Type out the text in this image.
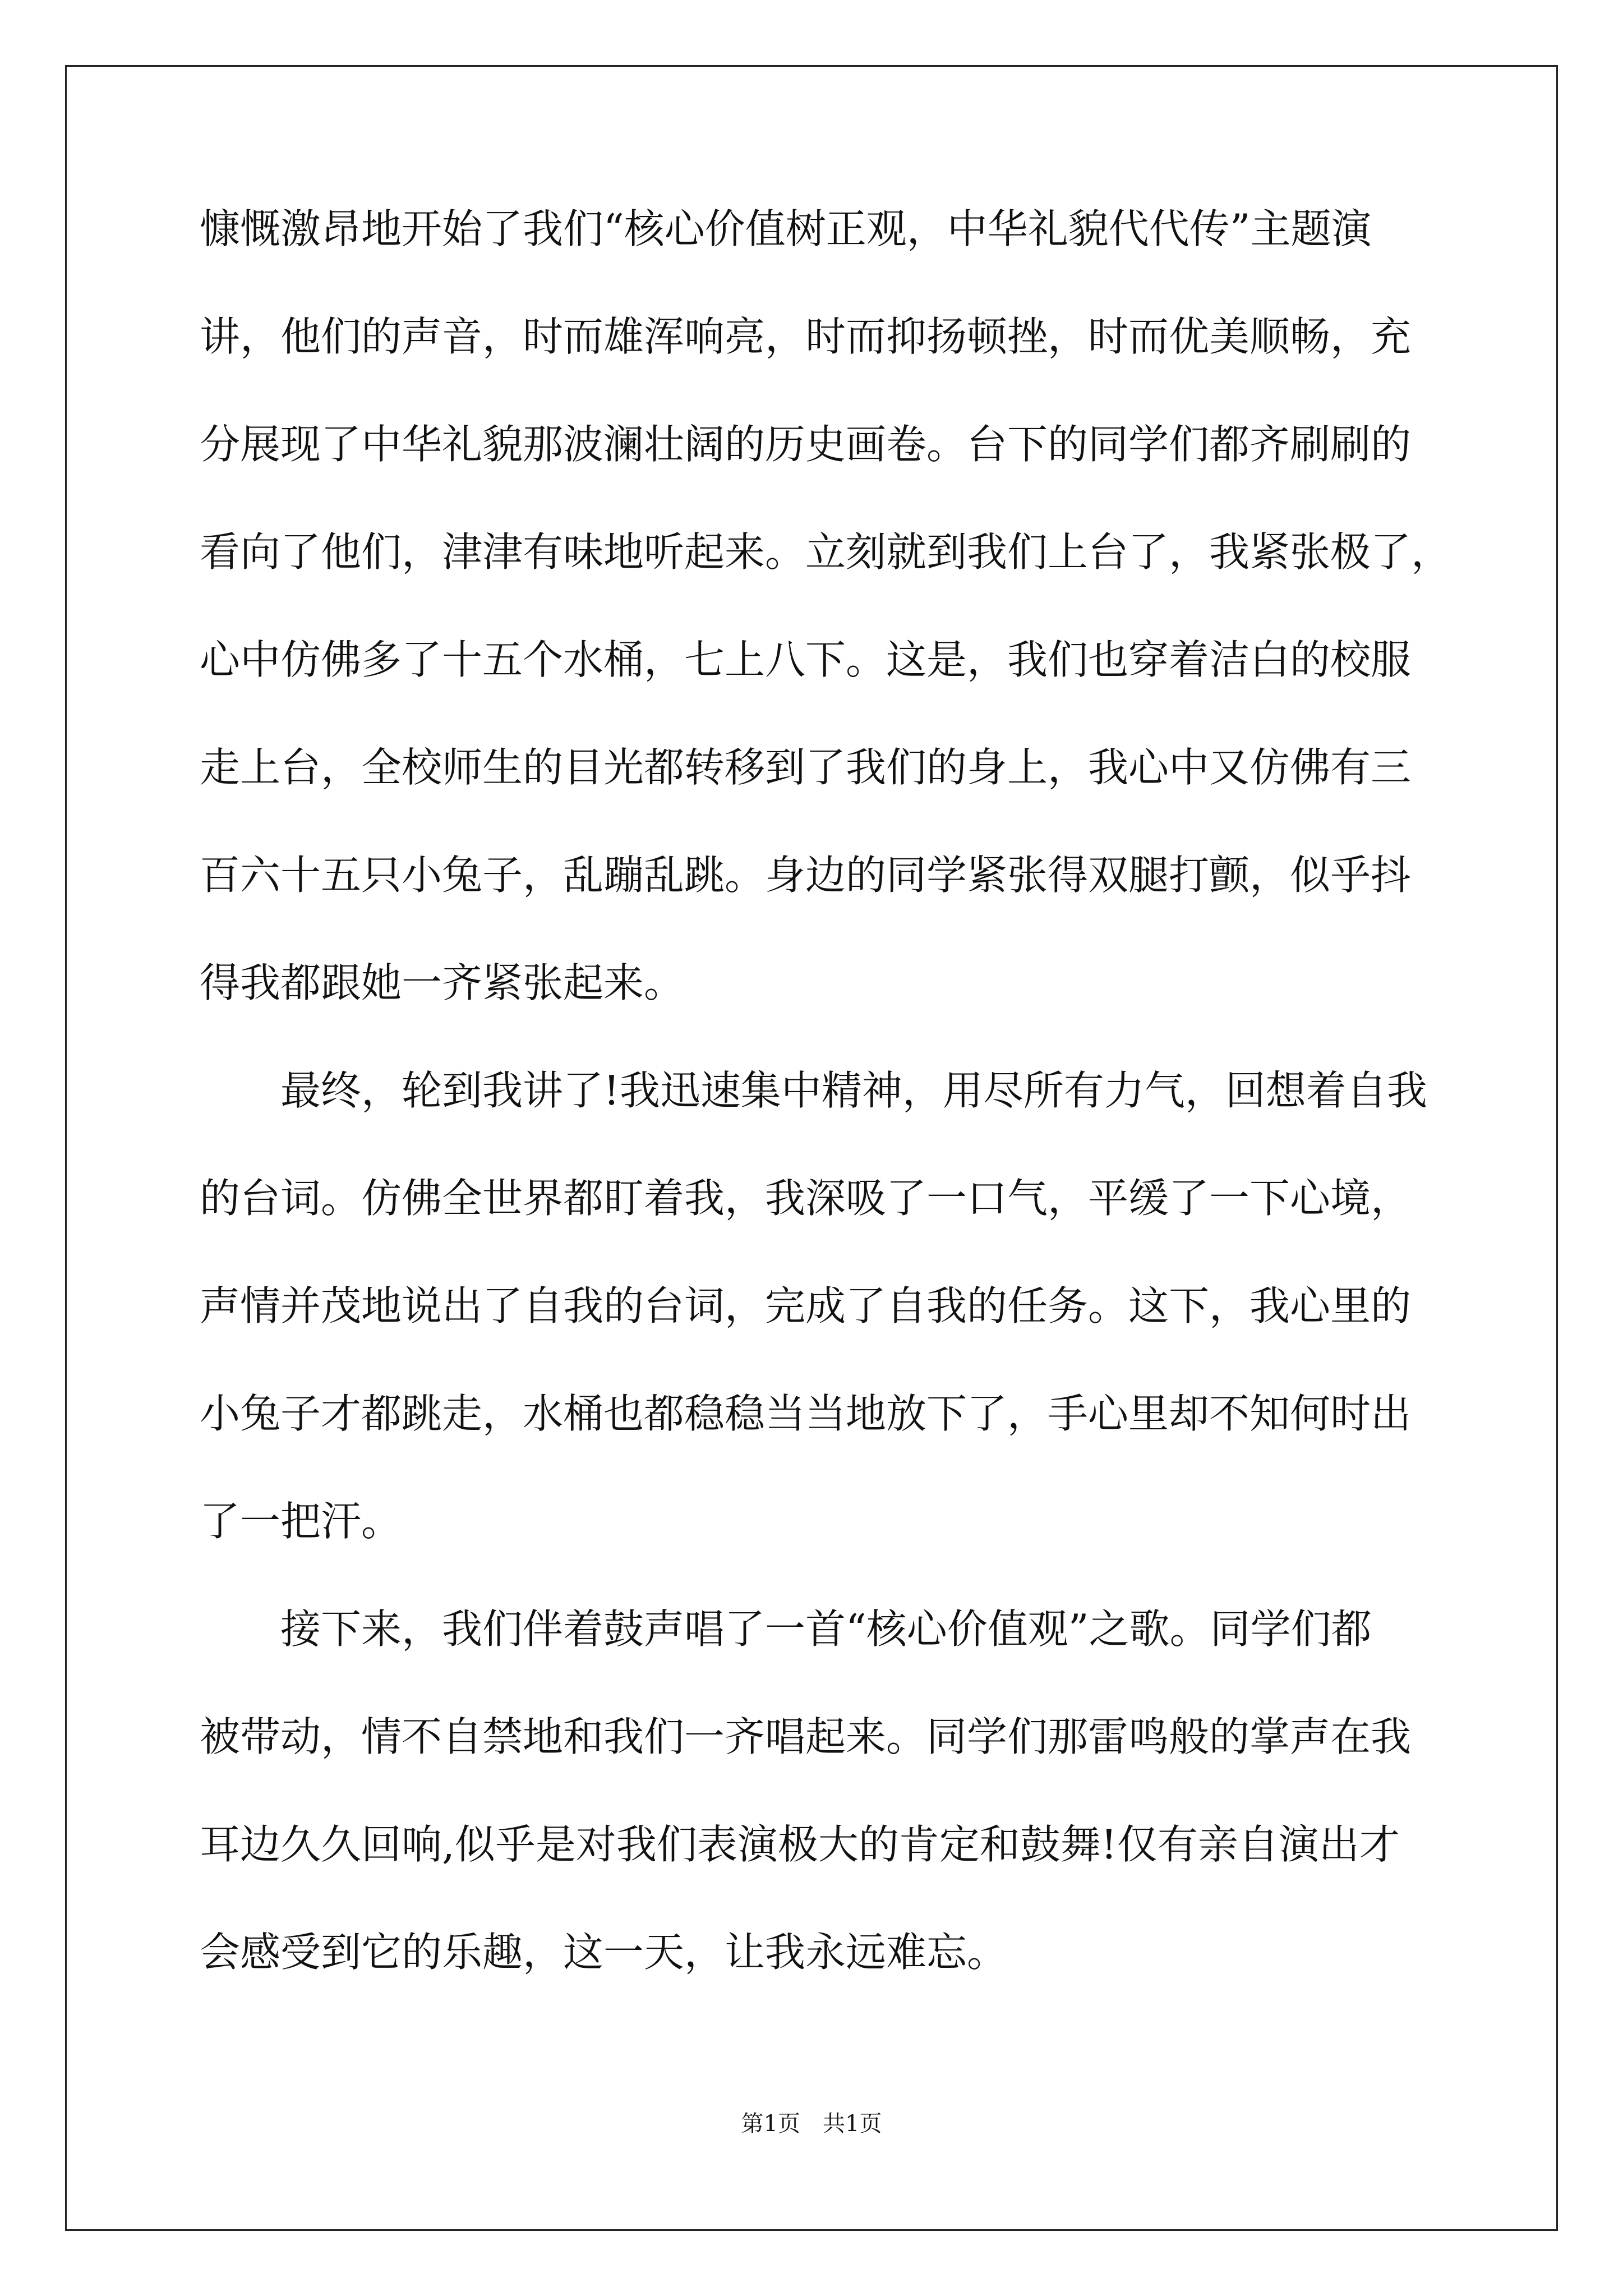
慷慨激昂地开始了我们“核心价值树正观，中华礼貌代代传”主题演
讲，他们的声音，时而雄浑响亮，时而抑扬顿挫，时而优美顺畅，充
分展现了中华礼貌那波澜壮阔的历史画卷。台下的同学们都齐刷刷的
看向了他们，津津有味地听起来。立刻就到我们上台了，我紧张极了，
心中仿佛多了十五个水桶，七上八下。这是，我们也穿着洁白的校服
走上台，全校师生的目光都转移到了我们的身上，我心中又仿佛有三
百六十五只小兔子，乱蹦乱跳。身边的同学紧张得双腿打颤，似乎抖
得我都跟她一齐紧张起来。
　　最终，轮到我讲了!我迅速集中精神，用尽所有力气，回想着自我
的台词。仿佛全世界都盯着我，我深吸了一口气，平缓了一下心境，
声情并茂地说出了自我的台词，完成了自我的任务。这下，我心里的
小兔子才都跳走，水桶也都稳稳当当地放下了，手心里却不知何时出
了一把汗。
　　接下来，我们伴着鼓声唱了一首“核心价值观”之歌。同学们都
被带动，情不自禁地和我们一齐唱起来。同学们那雷鸣般的掌声在我
耳边久久回响,似乎是对我们表演极大的肯定和鼓舞!仅有亲自演出才
会感受到它的乐趣，这一天，让我永远难忘。
第1页　共1页
